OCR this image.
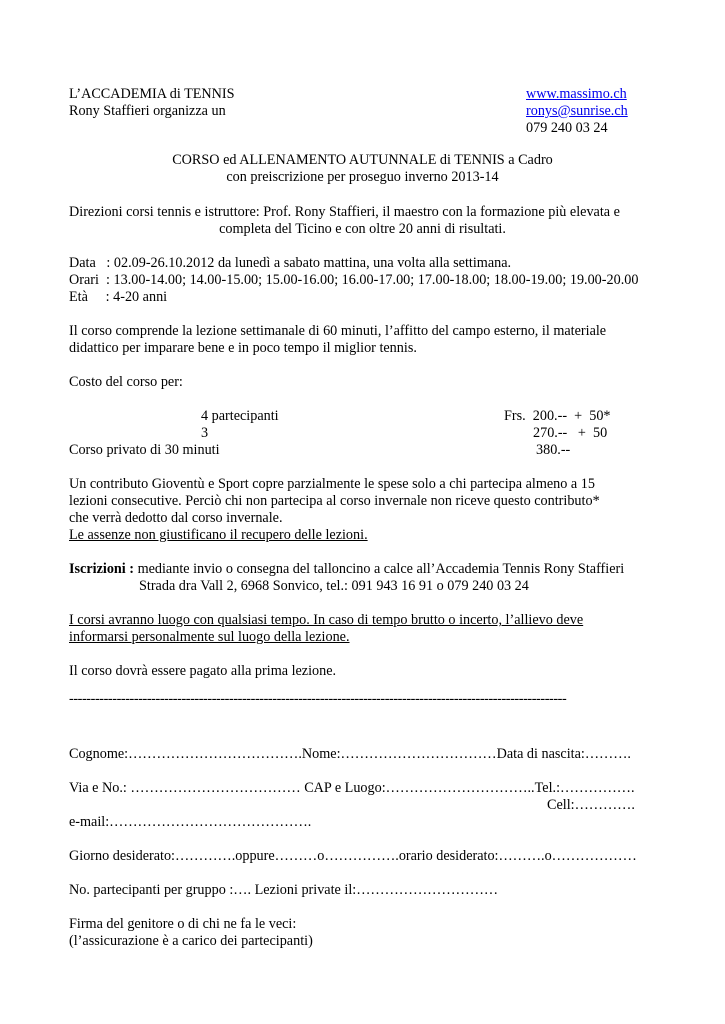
L’ACCADEMIA di TENNIS
Rony Staffieri organizza un
www.massimo.ch
ronys@sunrise.ch
079 240 03 24
CORSO ed ALLENAMENTO AUTUNNALE di TENNIS a Cadro
con preiscrizione per proseguo inverno 2013-14
Direzioni corsi tennis e istruttore: Prof. Rony Staffieri, il maestro con la formazione più elevata e
completa del Ticino e con oltre 20 anni di risultati.
Data   : 02.09-26.10.2012 da lunedì a sabato mattina, una volta alla settimana.
Orari  : 13.00-14.00; 14.00-15.00; 15.00-16.00; 16.00-17.00; 17.00-18.00; 18.00-19.00; 19.00-20.00
Età     : 4-20 anni
Il corso comprende la lezione settimanale di 60 minuti, l’affitto del campo esterno, il materiale
didattico per imparare bene e in poco tempo il miglior tennis.
Costo del corso per:
4 partecipanti	Frs.  200.--  +  50*
3	270.--   +  50
Corso privato di 30 minuti	380.--
Un contributo Gioventù e Sport copre parzialmente le spese solo a chi partecipa almeno a 15
lezioni consecutive. Perciò chi non partecipa al corso invernale non riceve questo contributo*
che verrà dedotto dal corso invernale.
Le assenze non giustificano il recupero delle lezioni.
Iscrizioni : mediante invio o consegna del talloncino a calce all’Accademia Tennis Rony Staffieri
Strada dra Vall 2, 6968 Sonvico, tel.: 091 943 16 91 o 079 240 03 24
I corsi avranno luogo con qualsiasi tempo. In caso di tempo brutto o incerto, l’allievo deve
informarsi personalmente sul luogo della lezione.
Il corso dovrà essere pagato alla prima lezione.
-------------------------------------------------------------------------------------------------------------------
Cognome:……………………………….Nome:……………………………Data di nascita:……….
Via e No.: ……………………………… CAP e Luogo:…………………………..Tel.:…………….
Cell:………….
e-mail:…………………………………….
Giorno desiderato:………….oppure………o…………….orario desiderato:……….o………………
No. partecipanti per gruppo :…. Lezioni private il:…………………………
Firma del genitore o di chi ne fa le veci:
(l’assicurazione è a carico dei partecipanti)
